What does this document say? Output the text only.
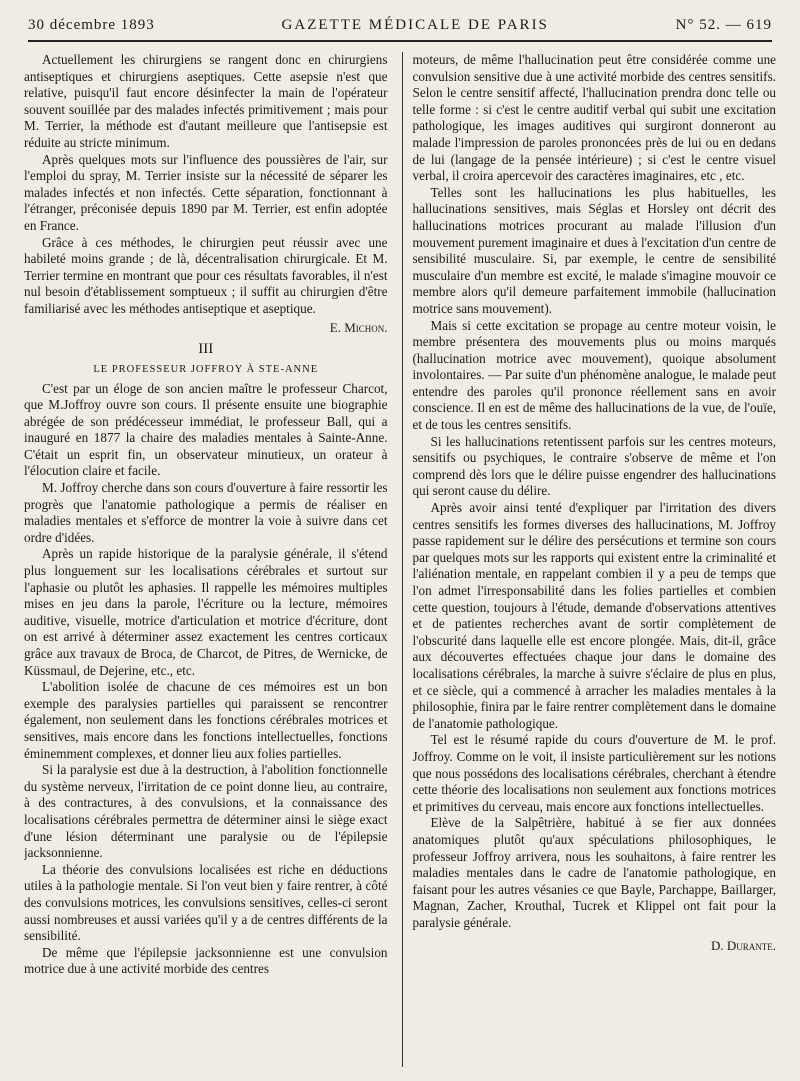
30 décembre 1893	GAZETTE MÉDICALE DE PARIS	N° 52. — 619

Actuellement les chirurgiens se rangent donc en chirurgiens antiseptiques et chirurgiens aseptiques. Cette asepsie n'est que relative, puisqu'il faut encore désinfecter la main de l'opérateur souvent souillée par des malades infectés primitivement ; mais pour M. Terrier, la méthode est d'autant meilleure que l'antisepsie est réduite au stricte minimum.

Après quelques mots sur l'influence des poussières de l'air, sur l'emploi du spray, M. Terrier insiste sur la nécessité de séparer les malades infectés et non infectés. Cette séparation, fonctionnant à l'étranger, préconisée depuis 1890 par M. Terrier, est enfin adoptée en France.

Grâce à ces méthodes, le chirurgien peut réussir avec une habileté moins grande ; de là, décentralisation chirurgicale. Et M. Terrier termine en montrant que pour ces résultats favorables, il n'est nul besoin d'établissement somptueux ; il suffit au chirurgien d'être familiarisé avec les méthodes antiseptique et aseptique.

E. Michon.
III
LE PROFESSEUR JOFFROY À STE-ANNE

C'est par un éloge de son ancien maître le professeur Charcot, que M.Joffroy ouvre son cours. Il présente ensuite une biographie abrégée de son prédécesseur immédiat, le professeur Ball, qui a inauguré en 1877 la chaire des maladies mentales à Sainte-Anne. C'était un esprit fin, un observateur minutieux, un orateur à l'élocution claire et facile.

M. Joffroy cherche dans son cours d'ouverture à faire ressortir les progrès que l'anatomie pathologique a permis de réaliser en maladies mentales et s'efforce de montrer la voie à suivre dans cet ordre d'idées.

Après un rapide historique de la paralysie générale, il s'étend plus longuement sur les localisations cérébrales et surtout sur l'aphasie ou plutôt les aphasies. Il rappelle les mémoires multiples mises en jeu dans la parole, l'écriture ou la lecture, mémoires auditive, visuelle, motrice d'articulation et motrice d'écriture, dont on est arrivé à déterminer assez exactement les centres corticaux grâce aux travaux de Broca, de Charcot, de Pitres, de Wernicke, de Küssmaul, de Dejerine, etc., etc.

L'abolition isolée de chacune de ces mémoires est un bon exemple des paralysies partielles qui paraissent se rencontrer également, non seulement dans les fonctions cérébrales motrices et sensitives, mais encore dans les fonctions intellectuelles, fonctions éminemment complexes, et donner lieu aux folies partielles.

Si la paralysie est due à la destruction, à l'abolition fonctionnelle du système nerveux, l'irritation de ce point donne lieu, au contraire, à des contractures, à des convulsions, et la connaissance des localisations cérébrales permettra de déterminer ainsi le siège exact d'une lésion déterminant une paralysie ou de l'épilepsie jacksonnienne.

La théorie des convulsions localisées est riche en déductions utiles à la pathologie mentale. Si l'on veut bien y faire rentrer, à côté des convulsions motrices, les convulsions sensitives, celles-ci seront aussi nombreuses et aussi variées qu'il y a de centres différents de la sensibilité.

De même que l'épilepsie jacksonnienne est une convulsion motrice due à une activité morbide des centres

moteurs, de même l'hallucination peut être considérée comme une convulsion sensitive due à une activité morbide des centres sensitifs. Selon le centre sensitif affecté, l'hallucination prendra donc telle ou telle forme : si c'est le centre auditif verbal qui subit une excitation pathologique, les images auditives qui surgiront donneront au malade l'impression de paroles prononcées près de lui ou en dedans de lui (langage de la pensée intérieure) ; si c'est le centre visuel verbal, il croira apercevoir des caractères imaginaires, etc , etc.

Telles sont les hallucinations les plus habituelles, les hallucinations sensitives, mais Séglas et Horsley ont décrit des hallucinations motrices procurant au malade l'illusion d'un mouvement purement imaginaire et dues à l'excitation d'un centre de sensibilité musculaire. Si, par exemple, le centre de sensibilité musculaire d'un membre est excité, le malade s'imagine mouvoir ce membre alors qu'il demeure parfaitement immobile (hallucination motrice sans mouvement).

Mais si cette excitation se propage au centre moteur voisin, le membre présentera des mouvements plus ou moins marqués (hallucination motrice avec mouvement), quoique absolument involontaires. — Par suite d'un phénomène analogue, le malade peut entendre des paroles qu'il prononce réellement sans en avoir conscience. Il en est de même des hallucinations de la vue, de l'ouïe, et de tous les centres sensitifs.

Si les hallucinations retentissent parfois sur les centres moteurs, sensitifs ou psychiques, le contraire s'observe de même et l'on comprend dès lors que le délire puisse engendrer des hallucinations qui seront cause du délire.

Après avoir ainsi tenté d'expliquer par l'irritation des divers centres sensitifs les formes diverses des hallucinations, M. Joffroy passe rapidement sur le délire des persécutions et termine son cours par quelques mots sur les rapports qui existent entre la criminalité et l'aliénation mentale, en rappelant combien il y a peu de temps que l'on admet l'irresponsabilité dans les folies partielles et combien cette question, toujours à l'étude, demande d'observations attentives et de patientes recherches avant de sortir complètement de l'obscurité dans laquelle elle est encore plongée. Mais, dit-il, grâce aux découvertes effectuées chaque jour dans le domaine des localisations cérébrales, la marche à suivre s'éclaire de plus en plus, et ce siècle, qui a commencé à arracher les maladies mentales à la philosophie, finira par le faire rentrer complètement dans le domaine de l'anatomie pathologique.

Tel est le résumé rapide du cours d'ouverture de M. le prof. Joffroy. Comme on le voit, il insiste particulièrement sur les notions que nous possédons des localisations cérébrales, cherchant à étendre cette théorie des localisations non seulement aux fonctions motrices et primitives du cerveau, mais encore aux fonctions intellectuelles.

Elève de la Salpêtrière, habitué à se fier aux données anatomiques plutôt qu'aux spéculations philosophiques, le professeur Joffroy arrivera, nous les souhaitons, à faire rentrer les maladies mentales dans le cadre de l'anatomie pathologique, en faisant pour les autres vésanies ce que Bayle, Parchappe, Baillarger, Magnan, Zacher, Krouthal, Tucrek et Klippel ont fait pour la paralysie générale.

D. Durante.
